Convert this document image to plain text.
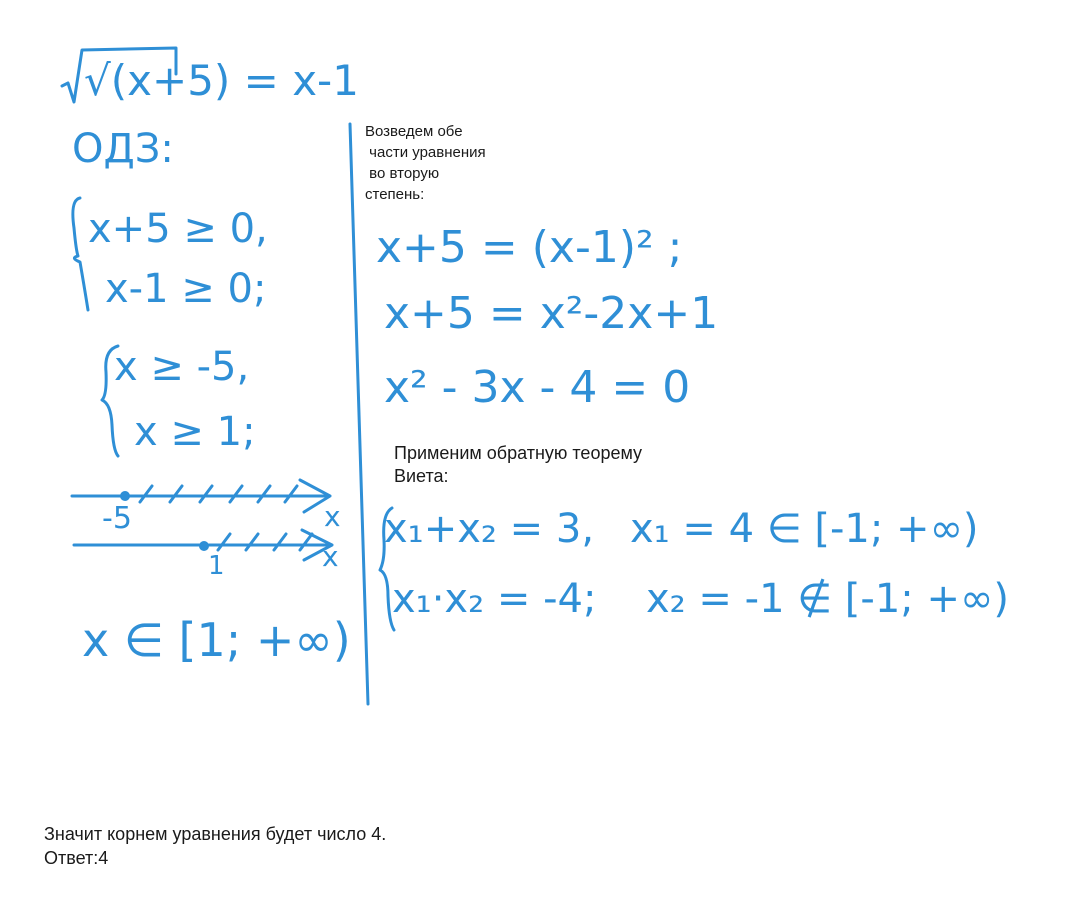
√(x+5) = x-1
ОДЗ:
x+5 ≥ 0,
x-1 ≥ 0;
x ≥ -5,
x ≥ 1;
-5	x
1	x
x ∈ [1; +∞)
x+5 = (x-1)² ;
x+5 = x²-2x+1
x² - 3x - 4 = 0
x₁+x₂ = 3,
x₁·x₂ = -4;
x₁ = 4 ∈ [-1; +∞)
x₂ = -1 ∉ [-1; +∞)
Возведем обе
части уравнения
во вторую
степень:
Применим обратную теорему
Виета:
Значит корнем уравнения будет число 4.
Ответ:4
